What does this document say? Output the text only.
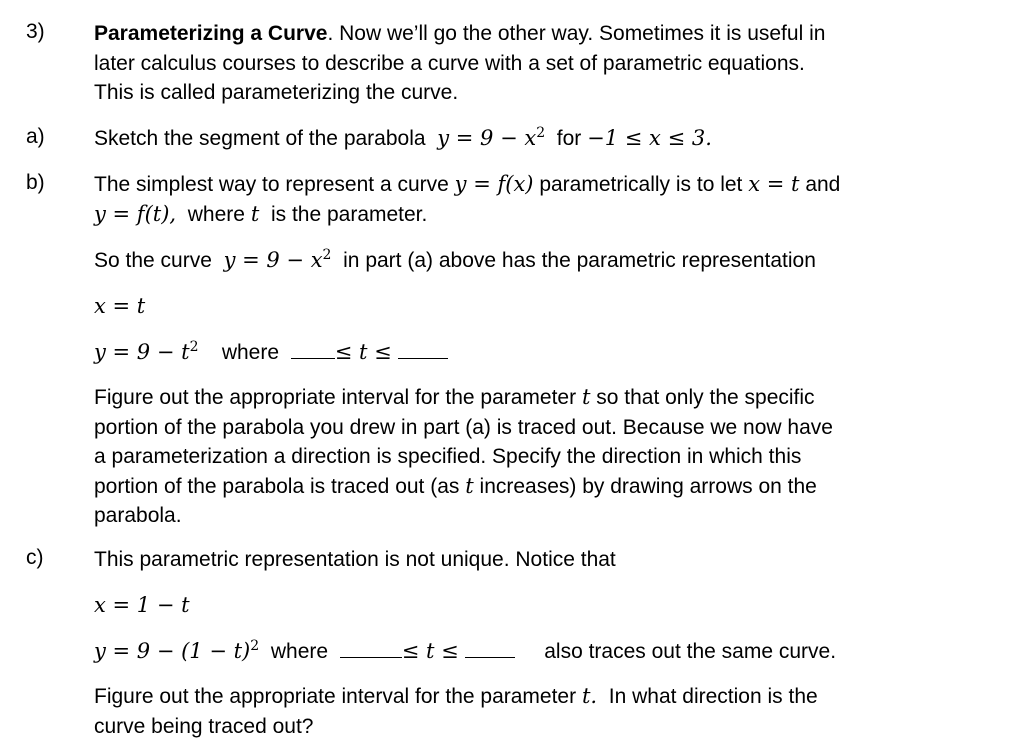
3) Parameterizing a Curve. Now we’ll go the other way. Sometimes it is useful in
later calculus courses to describe a curve with a set of parametric equations.
This is called parameterizing the curve.
a) Sketch the segment of the parabola $y = 9 - x^2$ for −1 ≤ x ≤ 3.
b) The simplest way to represent a curve y = f(x) parametrically is to let x = t and
y = f(t), where t is the parameter.
So the curve $y = 9 - x^2$ in part (a) above has the parametric representation
x = t
$y = 9 - t^2$ where	≤ t ≤
Figure out the appropriate interval for the parameter t so that only the specific
portion of the parabola you drew in part (a) is traced out. Because we now have
a parameterization a direction is specified. Specify the direction in which this
portion of the parabola is traced out (as t increases) by drawing arrows on the
parabola.
c) This parametric representation is not unique. Notice that
x = 1 − t
$y = 9 - (1 - t)^2$ where	≤ t ≤	also traces out the same curve.
Figure out the appropriate interval for the parameter t. In what direction is the
curve being traced out?
